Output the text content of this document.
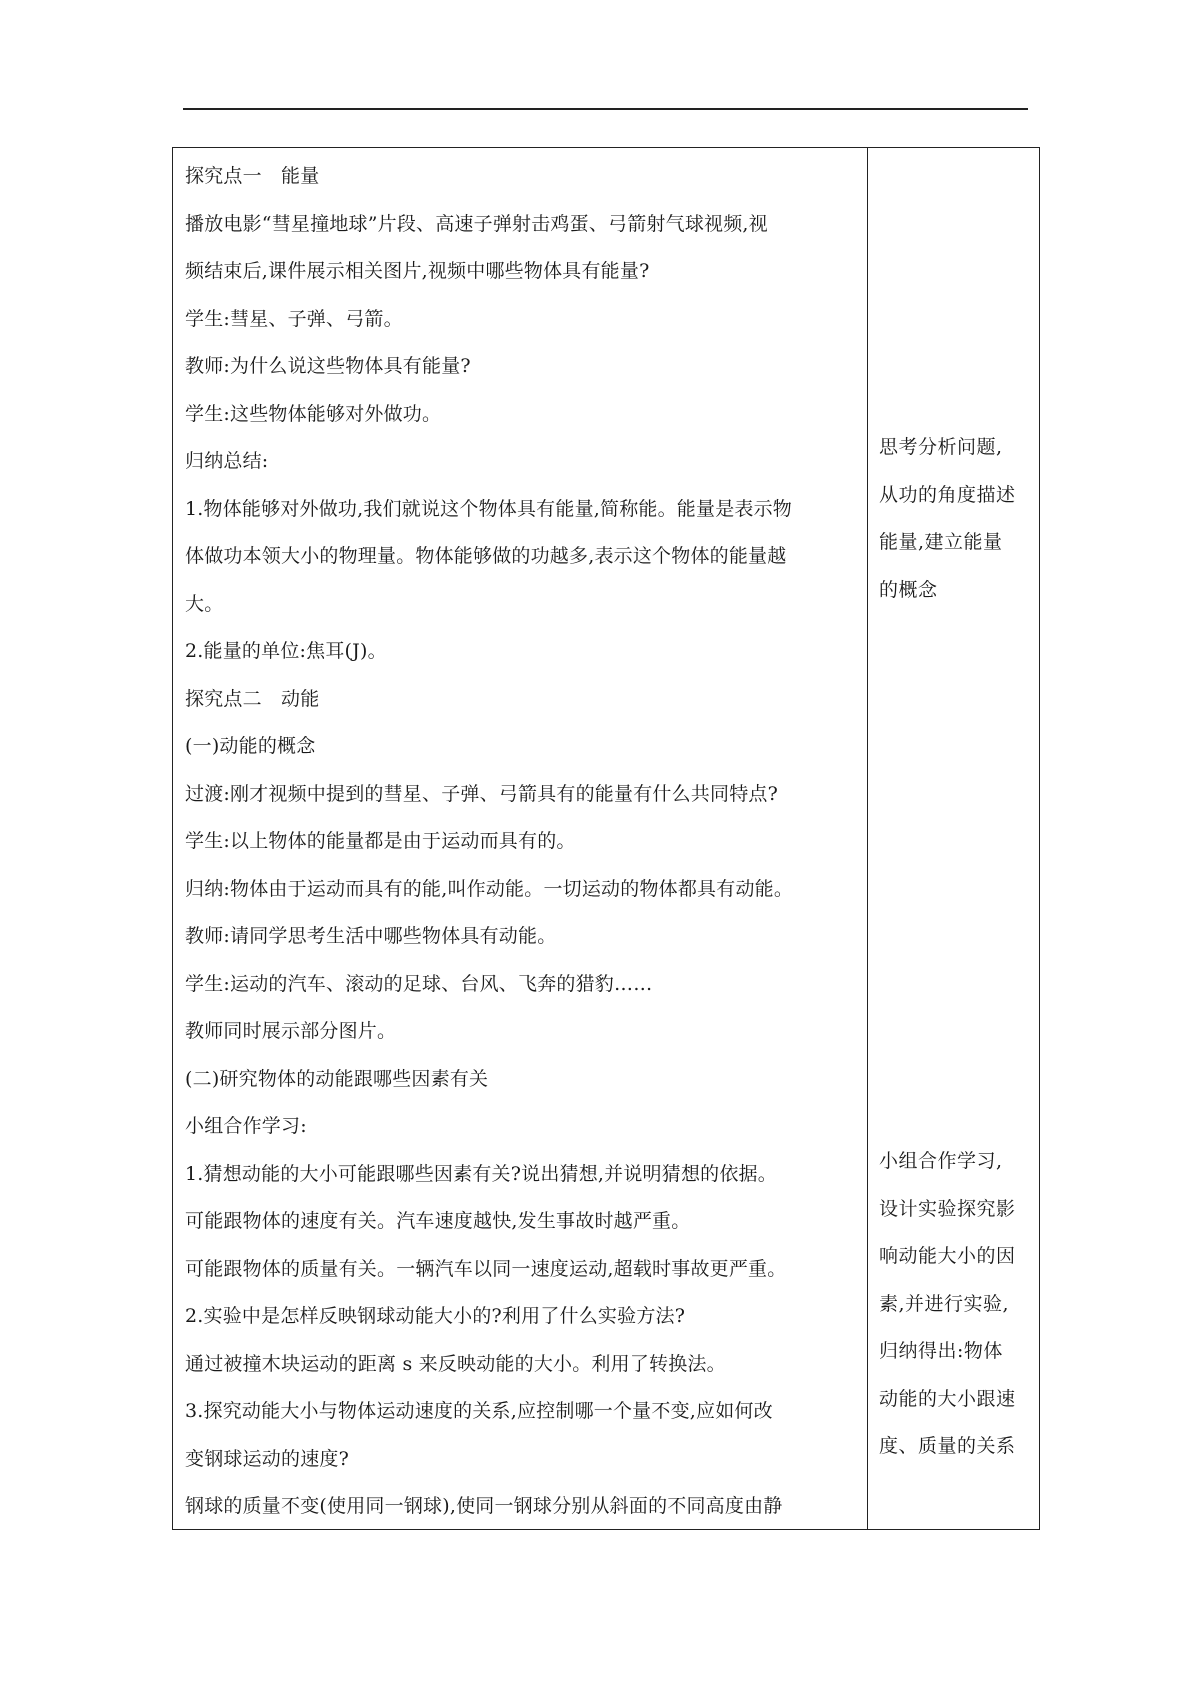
探究点一　能量
播放电影“彗星撞地球”片段、高速子弹射击鸡蛋、弓箭射气球视频,视
频结束后,课件展示相关图片,视频中哪些物体具有能量?
学生:彗星、子弹、弓箭。
教师:为什么说这些物体具有能量?
学生:这些物体能够对外做功。
归纳总结:
1.物体能够对外做功,我们就说这个物体具有能量,简称能。能量是表示物
体做功本领大小的物理量。物体能够做的功越多,表示这个物体的能量越
大。
2.能量的单位:焦耳(J)。
探究点二　动能
(一)动能的概念
过渡:刚才视频中提到的彗星、子弹、弓箭具有的能量有什么共同特点?
学生:以上物体的能量都是由于运动而具有的。
归纳:物体由于运动而具有的能,叫作动能。一切运动的物体都具有动能。
教师:请同学思考生活中哪些物体具有动能。
学生:运动的汽车、滚动的足球、台风、飞奔的猎豹……
教师同时展示部分图片。
(二)研究物体的动能跟哪些因素有关
小组合作学习:
1.猜想动能的大小可能跟哪些因素有关?说出猜想,并说明猜想的依据。
可能跟物体的速度有关。汽车速度越快,发生事故时越严重。
可能跟物体的质量有关。一辆汽车以同一速度运动,超载时事故更严重。
2.实验中是怎样反映钢球动能大小的?利用了什么实验方法?
通过被撞木块运动的距离 s 来反映动能的大小。利用了转换法。
3.探究动能大小与物体运动速度的关系,应控制哪一个量不变,应如何改
变钢球运动的速度?
钢球的质量不变(使用同一钢球),使同一钢球分别从斜面的不同高度由静
思考分析问题,
从功的角度描述
能量,建立能量
的概念
小组合作学习,
设计实验探究影
响动能大小的因
素,并进行实验,
归纳得出:物体
动能的大小跟速
度、质量的关系
